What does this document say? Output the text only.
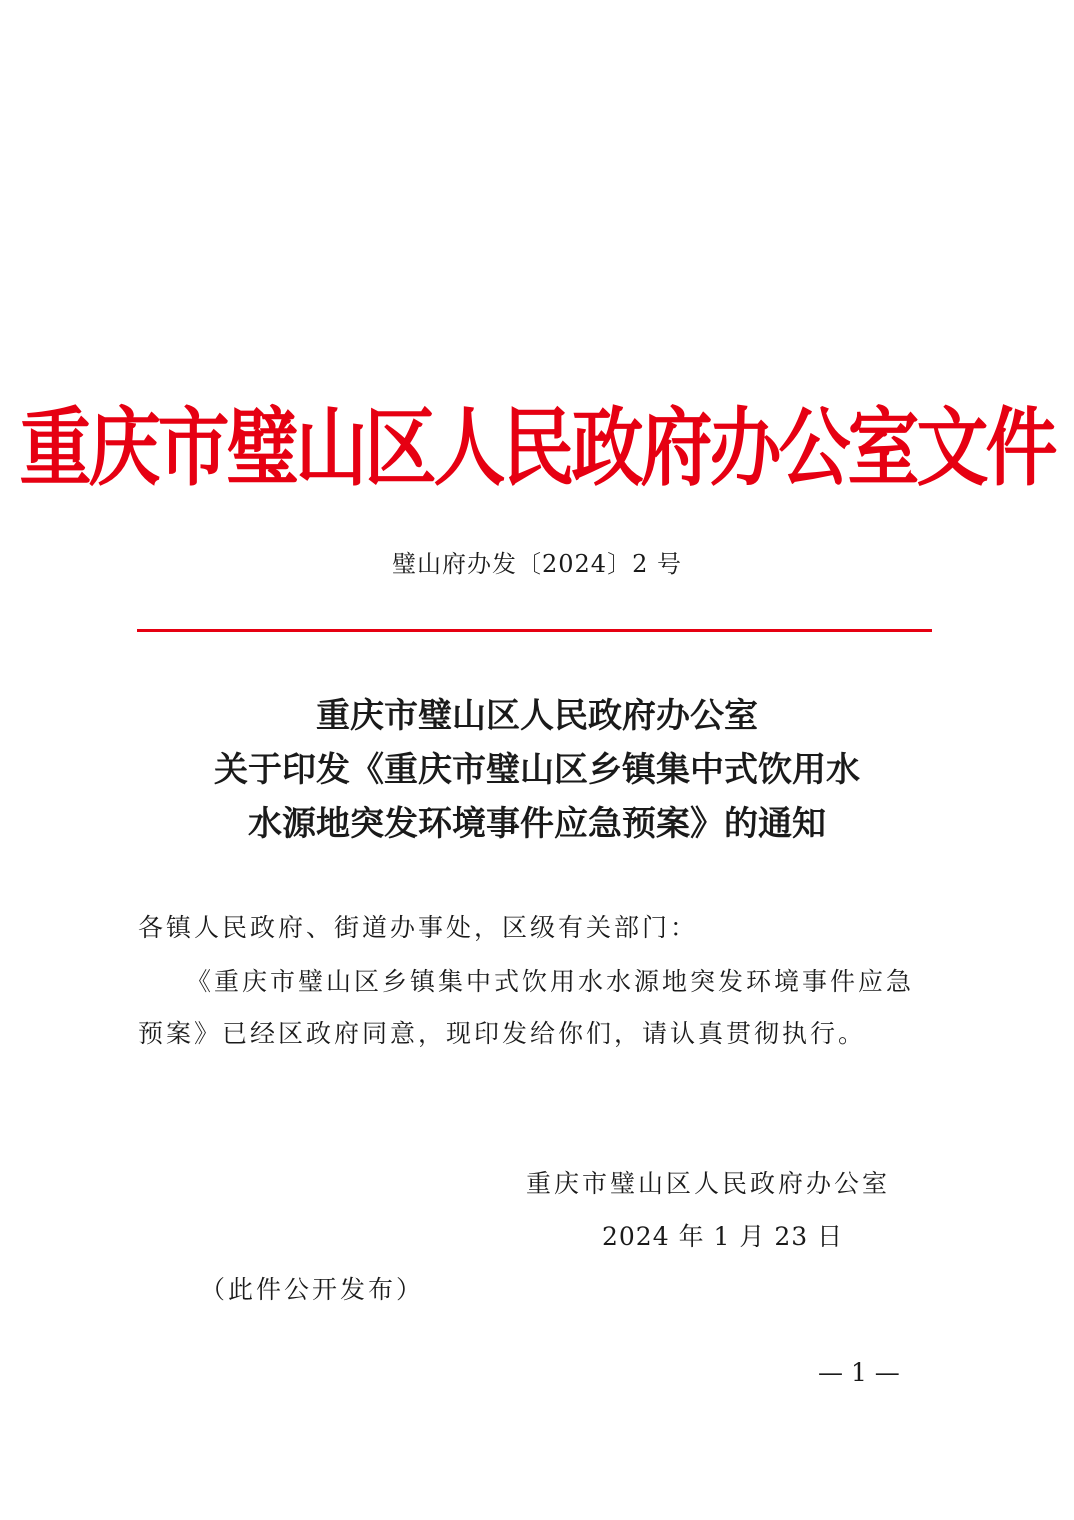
重庆市璧山区人民政府办公室文件
璧山府办发〔2024〕2 号
重庆市璧山区人民政府办公室
关于印发《重庆市璧山区乡镇集中式饮用水
水源地突发环境事件应急预案》的通知
各镇人民政府、街道办事处，区级有关部门：
《重庆市璧山区乡镇集中式饮用水水源地突发环境事件应急
预案》已经区政府同意，现印发给你们，请认真贯彻执行。
重庆市璧山区人民政府办公室
2024 年 1 月 23 日
（此件公开发布）
— 1 —
